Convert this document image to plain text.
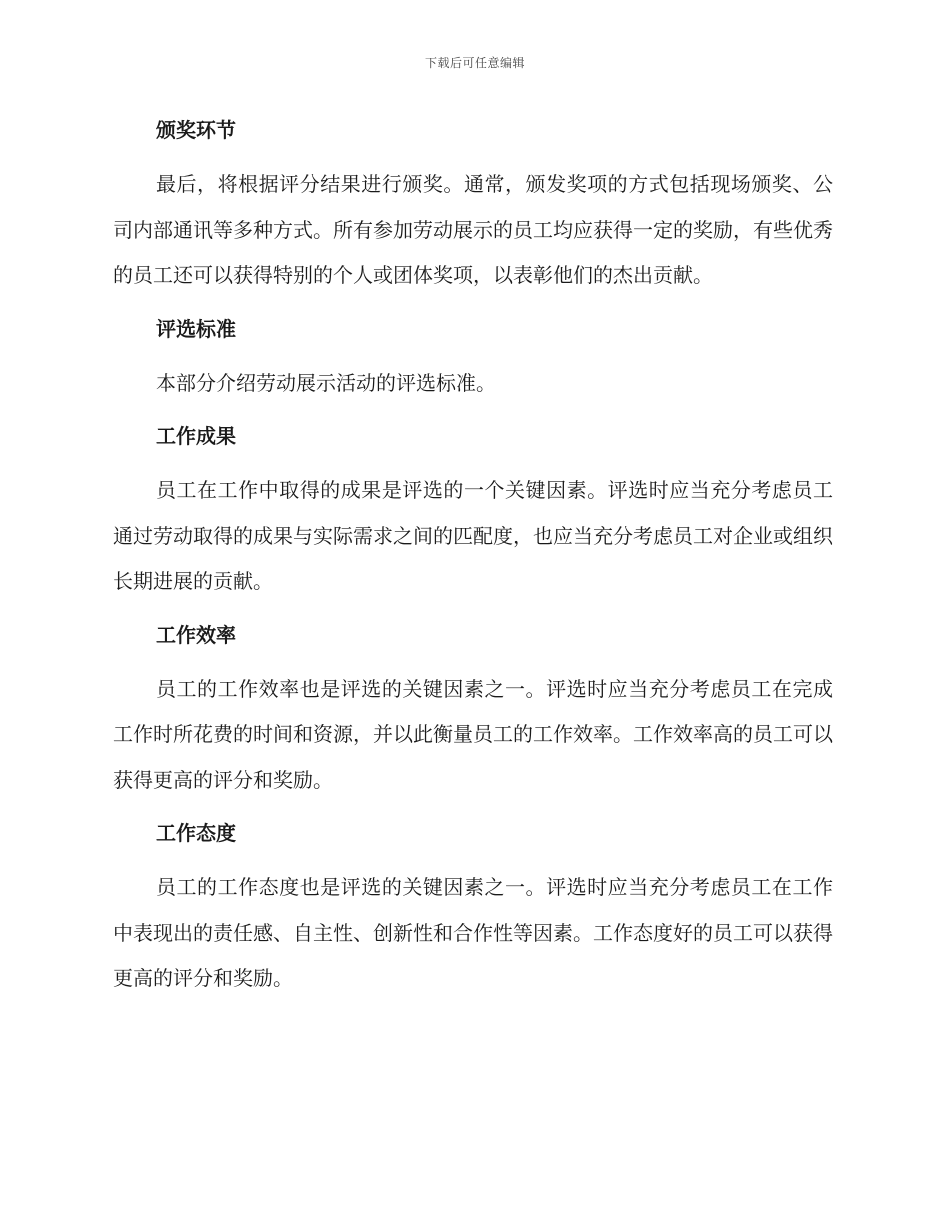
下载后可任意编辑
颁奖环节

最后，将根据评分结果进行颁奖。通常，颁发奖项的方式包括现场颁奖、公司内部通讯等多种方式。所有参加劳动展示的员工均应获得一定的奖励，有些优秀的员工还可以获得特别的个人或团体奖项，以表彰他们的杰出贡献。

评选标准

本部分介绍劳动展示活动的评选标准。

工作成果

员工在工作中取得的成果是评选的一个关键因素。评选时应当充分考虑员工通过劳动取得的成果与实际需求之间的匹配度，也应当充分考虑员工对企业或组织长期进展的贡献。

工作效率

员工的工作效率也是评选的关键因素之一。评选时应当充分考虑员工在完成工作时所花费的时间和资源，并以此衡量员工的工作效率。工作效率高的员工可以获得更高的评分和奖励。

工作态度

员工的工作态度也是评选的关键因素之一。评选时应当充分考虑员工在工作中表现出的责任感、自主性、创新性和合作性等因素。工作态度好的员工可以获得更高的评分和奖励。
